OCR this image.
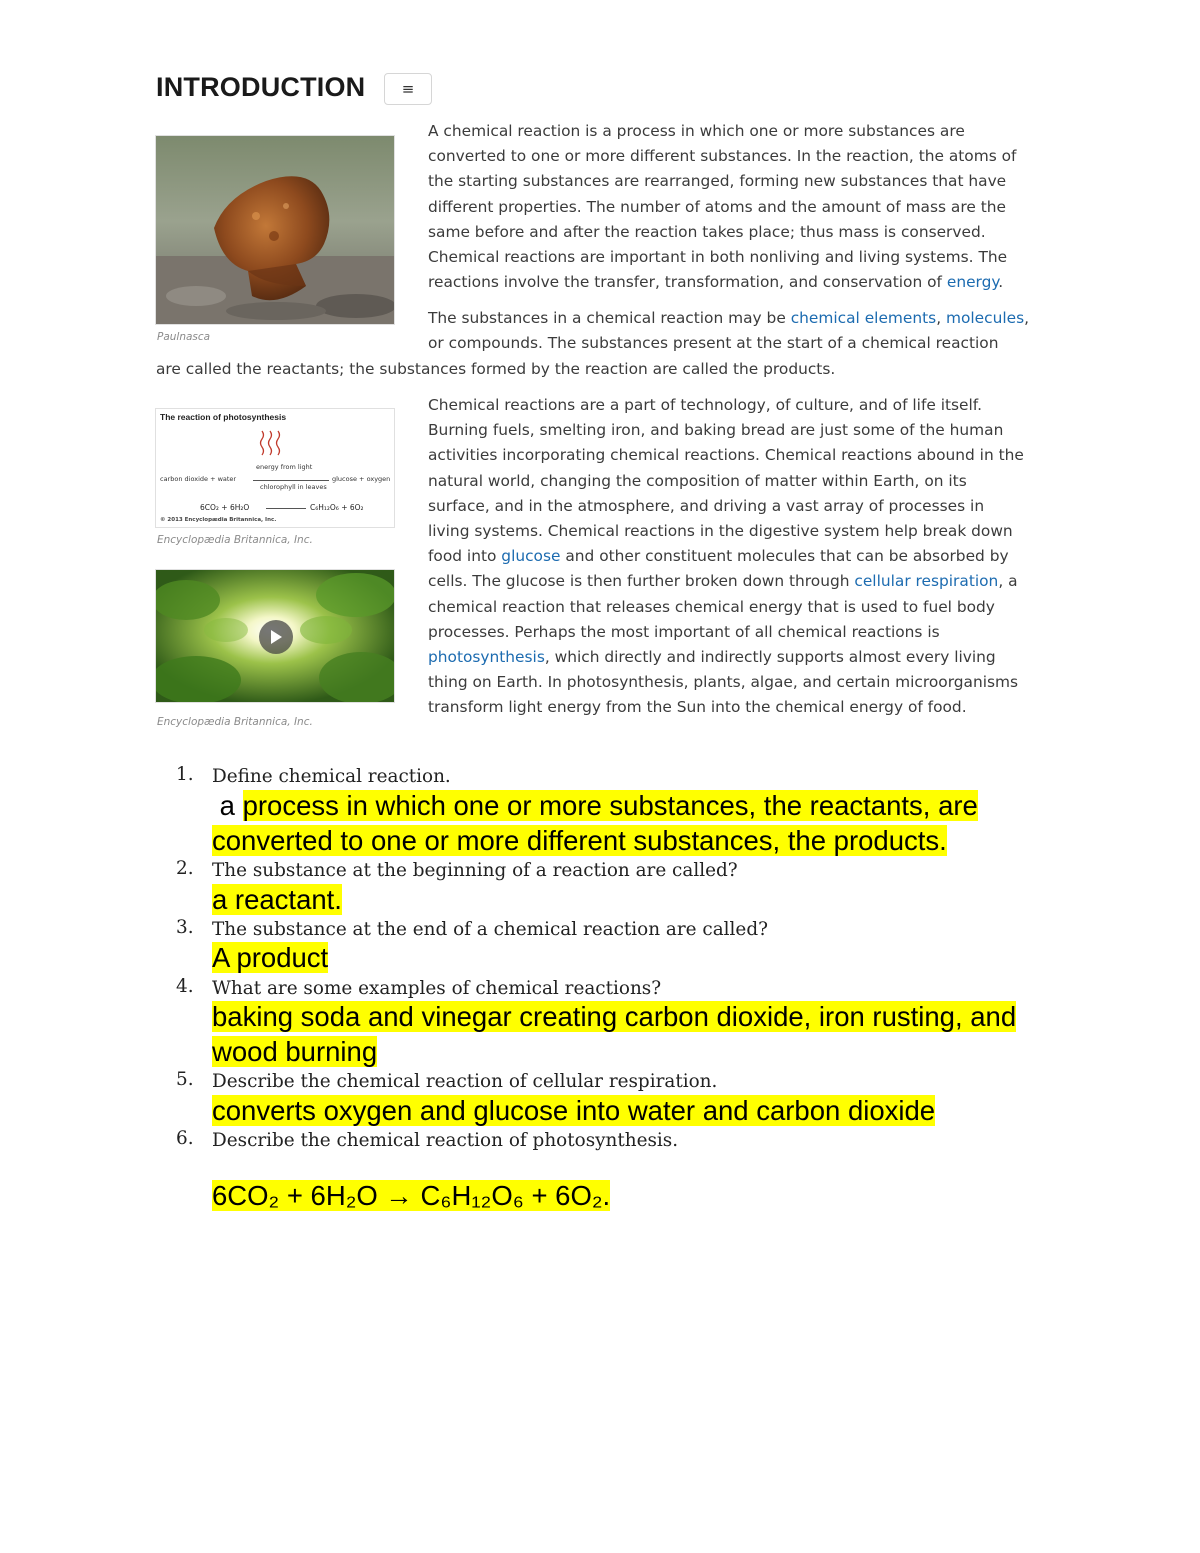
INTRODUCTION ≡
Paulnasca
A chemical reaction is a process in which one or more substances are
converted to one or more different substances. In the reaction, the atoms of
the starting substances are rearranged, forming new substances that have
different properties. The number of atoms and the amount of mass are the
same before and after the reaction takes place; thus mass is conserved.
Chemical reactions are important in both nonliving and living systems. The
reactions involve the transfer, transformation, and conservation of energy.
The substances in a chemical reaction may be chemical elements, molecules,
or compounds. The substances present at the start of a chemical reaction
are called the reactants; the substances formed by the reaction are called the products.
The reaction of photosynthesis
energy from light
carbon dioxide + water	glucose + oxygen
chlorophyll in leaves
6CO₂ + 6H₂O	C₆H₁₂O₆ + 6O₂
© 2013 Encyclopædia Britannica, Inc.
Encyclopædia Britannica, Inc.
Encyclopædia Britannica, Inc.
Chemical reactions are a part of technology, of culture, and of life itself.
Burning fuels, smelting iron, and baking bread are just some of the human
activities incorporating chemical reactions. Chemical reactions abound in the
natural world, changing the composition of matter within Earth, on its
surface, and in the atmosphere, and driving a vast array of processes in
living systems. Chemical reactions in the digestive system help break down
food into glucose and other constituent molecules that can be absorbed by
cells. The glucose is then further broken down through cellular respiration, a
chemical reaction that releases chemical energy that is used to fuel body
processes. Perhaps the most important of all chemical reactions is
photosynthesis, which directly and indirectly supports almost every living
thing on Earth. In photosynthesis, plants, algae, and certain microorganisms
transform light energy from the Sun into the chemical energy of food.
1.	Define chemical reaction.
a process in which one or more substances, the reactants, are
converted to one or more different substances, the products.
2.	The substance at the beginning of a reaction are called?
a reactant.
3.	The substance at the end of a chemical reaction are called?
A product
4.	What are some examples of chemical reactions?
baking soda and vinegar creating carbon dioxide, iron rusting, and
wood burning
5.	Describe the chemical reaction of cellular respiration.
converts oxygen and glucose into water and carbon dioxide
6.	Describe the chemical reaction of photosynthesis.
6CO₂ + 6H₂O → C₆H₁₂O₆ + 6O₂.
